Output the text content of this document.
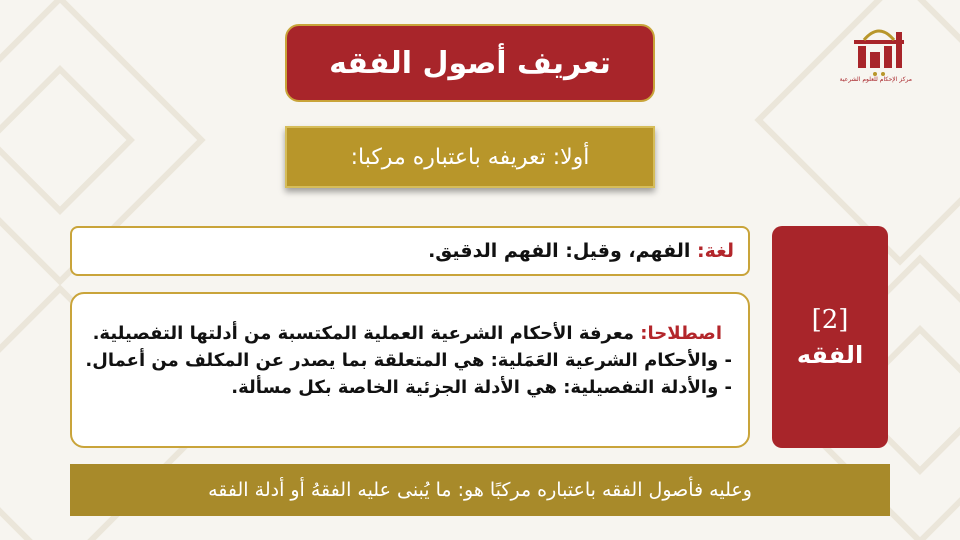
تعريف أصول الفقه
أولا: تعريفه باعتباره مركبا:
مركز الإحكام للعلوم الشرعية
[2]
الفقه
لغة:
الفهم، وقيل:
الفهم الدقيق.
اصطلاحا: معرفة الأحكام الشرعية العملية المكتسبة من أدلتها التفصيلية.
- والأحكام الشرعية العَمَلية: هي المتعلقة بما يصدر عن المكلف من أعمال.
- والأدلة التفصيلية: هي الأدلة الجزئية الخاصة بكل مسألة.
وعليه فأصول الفقه باعتباره مركبًا هو: ما يُبنى عليه الفقهُ أو أدلة الفقه
